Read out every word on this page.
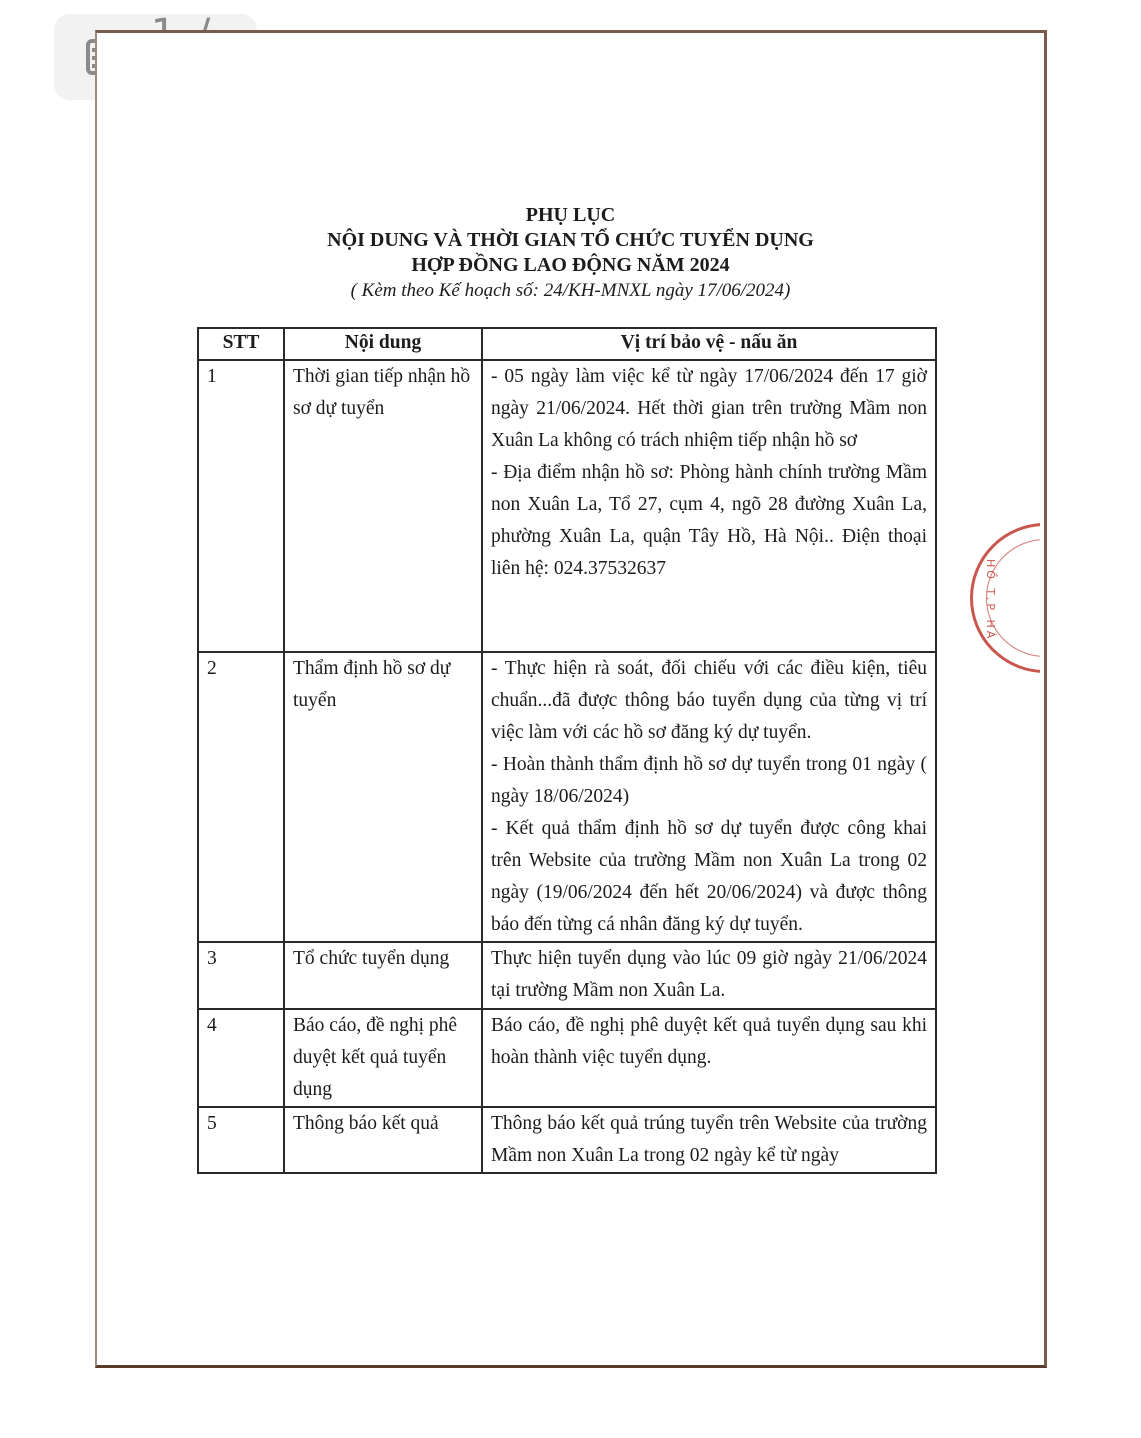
PHỤ LỤC
NỘI DUNG VÀ THỜI GIAN TỔ CHỨC TUYỂN DỤNG
HỢP ĐỒNG LAO ĐỘNG NĂM 2024
( Kèm theo Kế hoạch số: 24/KH-MNXL ngày 17/06/2024)
STT	Nội dung	Vị trí bảo vệ - nấu ăn
1	Thời gian tiếp nhận hồ sơ dự tuyển	- 05 ngày làm việc kể từ ngày 17/06/2024 đến 17 giờ ngày 21/06/2024. Hết thời gian trên trường Mầm non Xuân La không có trách nhiệm tiếp nhận hồ sơ
- Địa điểm nhận hồ sơ: Phòng hành chính trường Mầm non Xuân La, Tổ 27, cụm 4, ngõ 28 đường Xuân La, phường Xuân La, quận Tây Hồ, Hà Nội.. Điện thoại liên hệ: 024.37532637

2	Thẩm định hồ sơ dự tuyển	- Thực hiện rà soát, đối chiếu với các điều kiện, tiêu chuẩn...đã được thông báo tuyển dụng của từng vị trí việc làm với các hồ sơ đăng ký dự tuyển.
- Hoàn thành thẩm định hồ sơ dự tuyển trong 01 ngày ( ngày 18/06/2024)
- Kết quả thẩm định hồ sơ dự tuyển được công khai trên Website của trường Mầm non Xuân La trong 02 ngày (19/06/2024 đến hết 20/06/2024) và được thông báo đến từng cá nhân đăng ký dự tuyển.

3	Tổ chức tuyển dụng	Thực hiện tuyển dụng vào lúc 09 giờ ngày 21/06/2024 tại trường Mầm non Xuân La.

4	Báo cáo, đề nghị phê duyệt kết quả tuyển dụng	Báo cáo, đề nghị phê duyệt kết quả tuyển dụng sau khi hoàn thành việc tuyển dụng.

5	Thông báo kết quả	Thông báo kết quả trúng tuyển trên Website của trường Mầm non Xuân La trong 02 ngày kể từ ngày
HỒ T.P HÀ
